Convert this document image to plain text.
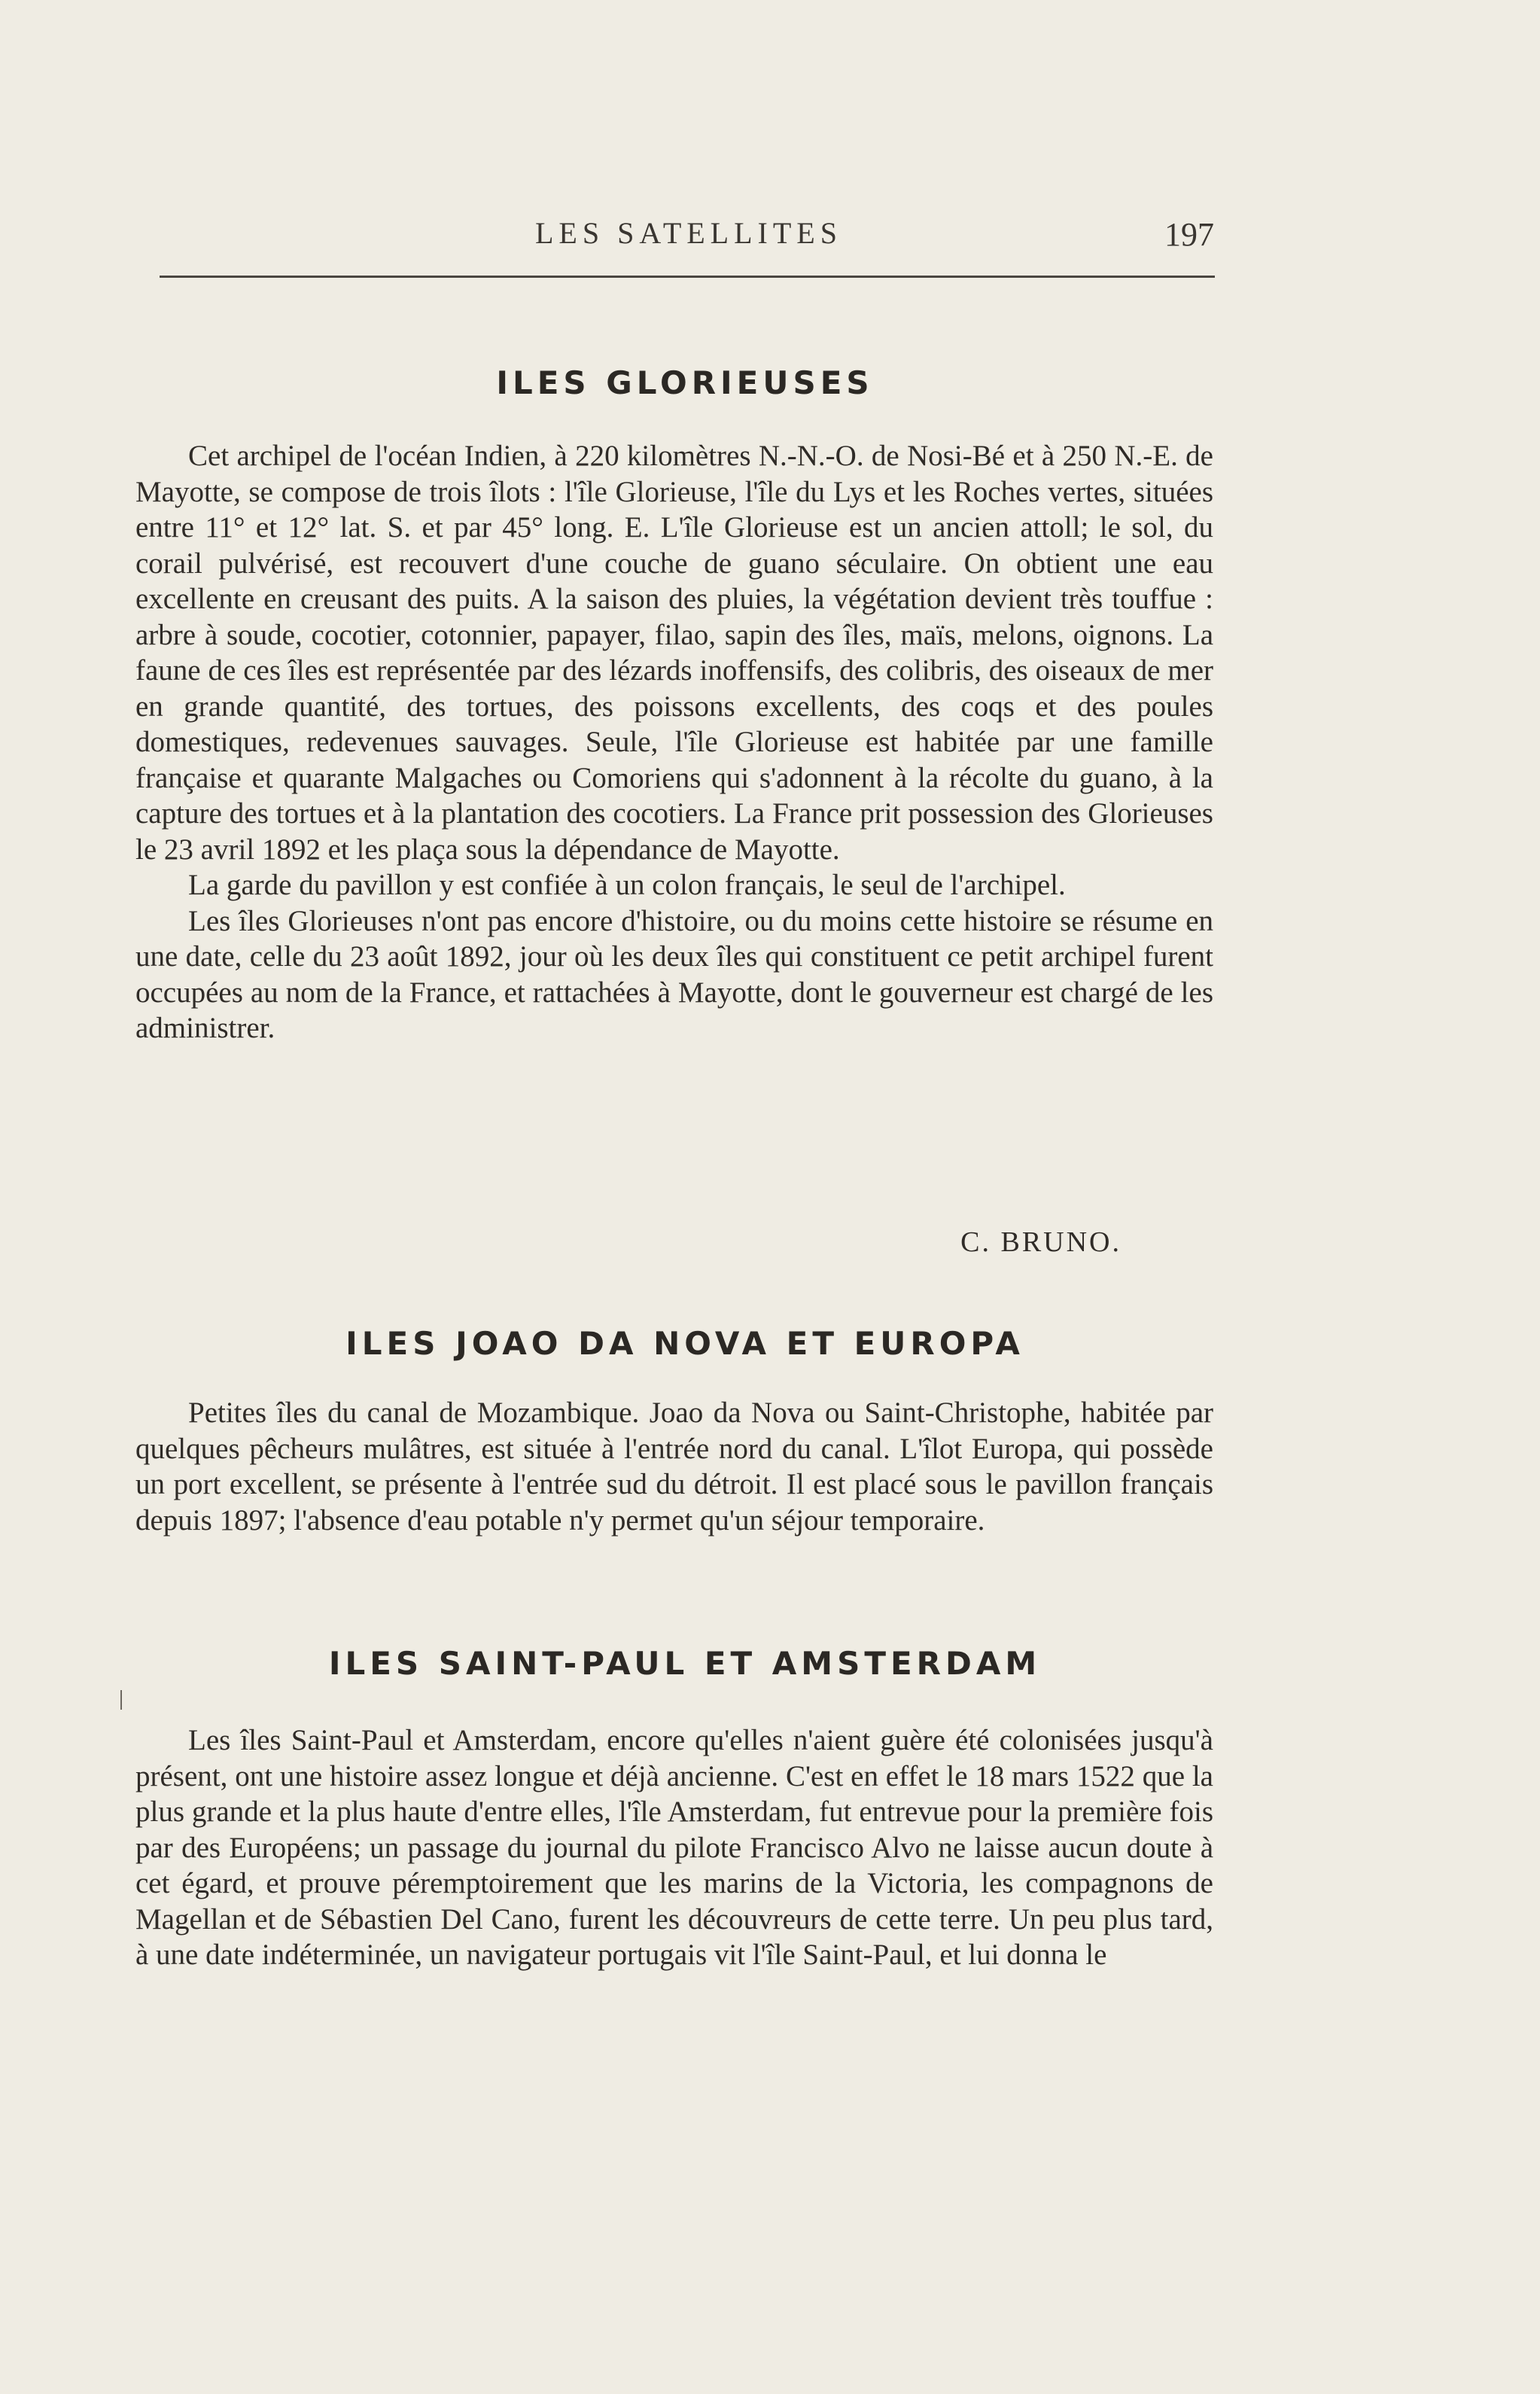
LES SATELLITES	197
ILES GLORIEUSES

Cet archipel de l'océan Indien, à 220 kilomètres N.-N.-O. de Nosi-Bé et à 250 N.-E. de Mayotte, se compose de trois îlots : l'île Glorieuse, l'île du Lys et les Roches vertes, situées entre 11° et 12° lat. S. et par 45° long. E. L'île Glorieuse est un ancien attoll; le sol, du corail pulvérisé, est recouvert d'une couche de guano séculaire. On obtient une eau excellente en creusant des puits. A la saison des pluies, la végétation devient très touffue : arbre à soude, cocotier, cotonnier, papayer, filao, sapin des îles, maïs, melons, oignons. La faune de ces îles est représentée par des lézards inoffensifs, des colibris, des oiseaux de mer en grande quantité, des tortues, des poissons excellents, des coqs et des poules domestiques, redevenues sauvages. Seule, l'île Glorieuse est habitée par une famille française et quarante Malgaches ou Comoriens qui s'adonnent à la récolte du guano, à la capture des tortues et à la plantation des cocotiers. La France prit possession des Glorieuses le 23 avril 1892 et les plaça sous la dépendance de Mayotte.

La garde du pavillon y est confiée à un colon français, le seul de l'archipel.

Les îles Glorieuses n'ont pas encore d'histoire, ou du moins cette histoire se résume en une date, celle du 23 août 1892, jour où les deux îles qui constituent ce petit archipel furent occupées au nom de la France, et rattachées à Mayotte, dont le gouverneur est chargé de les administrer.

C. BRUNO.
ILES JOAO DA NOVA ET EUROPA

Petites îles du canal de Mozambique. Joao da Nova ou Saint-Christophe, habitée par quelques pêcheurs mulâtres, est située à l'entrée nord du canal. L'îlot Europa, qui possède un port excellent, se présente à l'entrée sud du détroit. Il est placé sous le pavillon français depuis 1897; l'absence d'eau potable n'y permet qu'un séjour temporaire.

ILES SAINT-PAUL ET AMSTERDAM

Les îles Saint-Paul et Amsterdam, encore qu'elles n'aient guère été colonisées jusqu'à présent, ont une histoire assez longue et déjà ancienne. C'est en effet le 18 mars 1522 que la plus grande et la plus haute d'entre elles, l'île Amsterdam, fut entrevue pour la première fois par des Européens; un passage du journal du pilote Francisco Alvo ne laisse aucun doute à cet égard, et prouve péremptoirement que les marins de la Victoria, les compagnons de Magellan et de Sébastien Del Cano, furent les découvreurs de cette terre. Un peu plus tard, à une date indéterminée, un navigateur portugais vit l'île Saint-Paul, et lui donna le
